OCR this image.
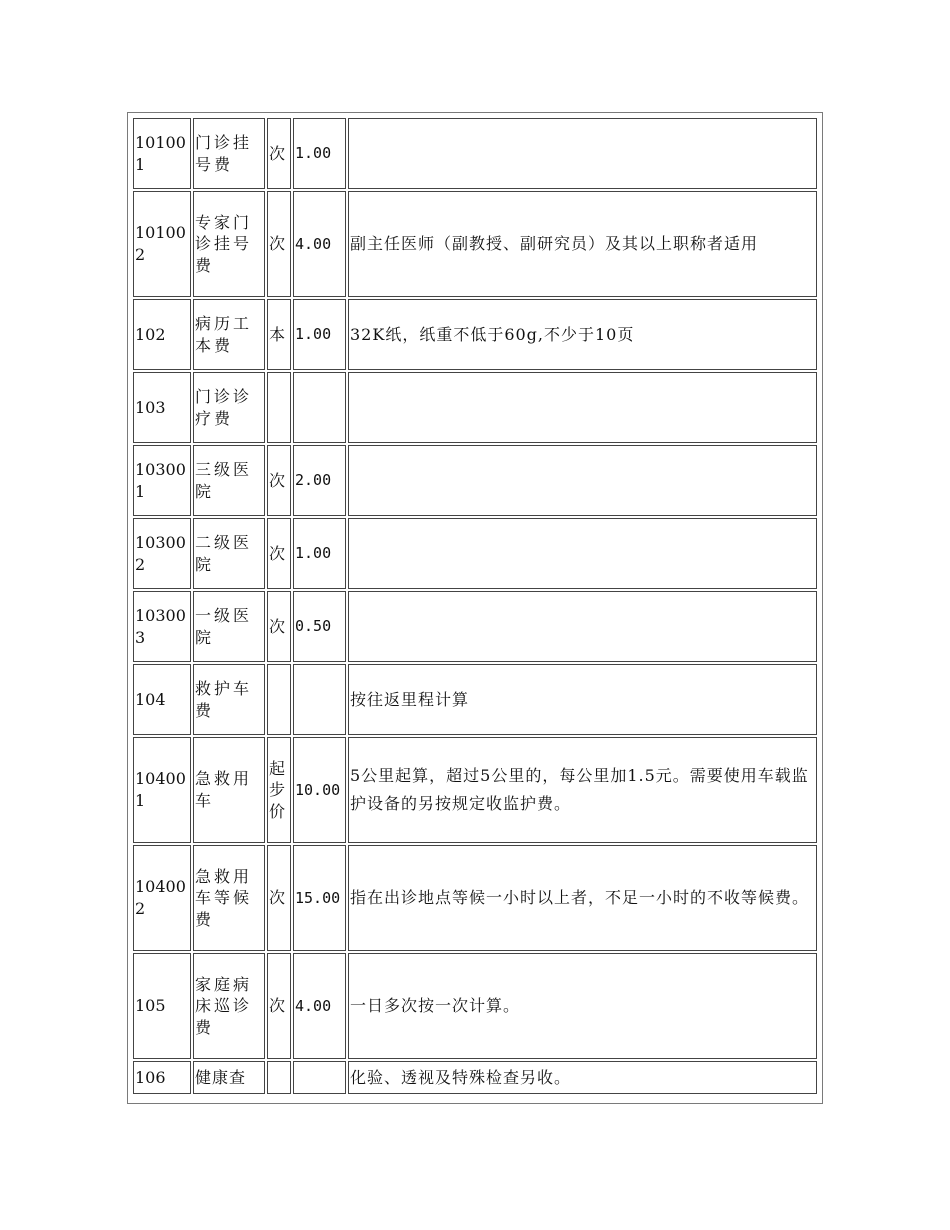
101001	门诊挂号费	次	1.00	
101002	专家门诊挂号费	次	4.00	副主任医师（副教授、副研究员）及其以上职称者适用
102	病历工本费	本	1.00	32K纸，纸重不低于60g,不少于10页
103	门诊诊疗费			
103001	三级医院	次	2.00	
103002	二级医院	次	1.00	
103003	一级医院	次	0.50	
104	救护车费			按往返里程计算
104001	急救用车	起步价	10.00	5公里起算，超过5公里的，每公里加1.5元。需要使用车载监护设备的另按规定收监护费。
104002	急救用车等候费	次	15.00	指在出诊地点等候一小时以上者，不足一小时的不收等候费。
105	家庭病床巡诊费	次	4.00	一日多次按一次计算。
106	健康查			化验、透视及特殊检查另收。
